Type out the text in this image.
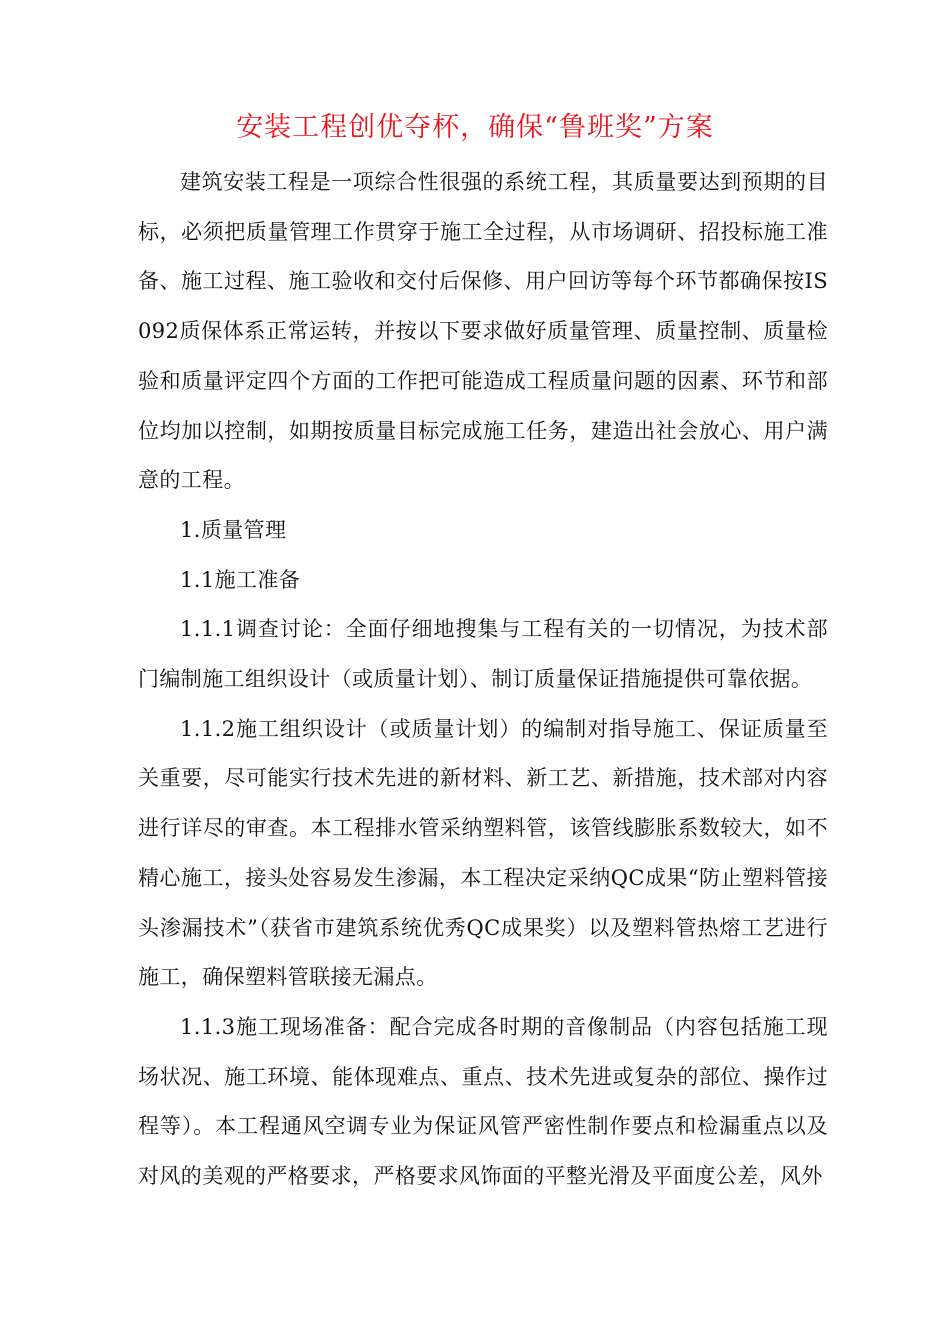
安装工程创优夺杯，确保“鲁班奖”方案

建筑安装工程是一项综合性很强的系统工程，其质量要达到预期的目标，必须把质量管理工作贯穿于施工全过程，从市场调研、招投标施工准备、施工过程、施工验收和交付后保修、用户回访等每个环节都确保按IS092质保体系正常运转，并按以下要求做好质量管理、质量控制、质量检验和质量评定四个方面的工作把可能造成工程质量问题的因素、环节和部位均加以控制，如期按质量目标完成施工任务，建造出社会放心、用户满意的工程。

1.质量管理

1.1施工准备

1.1.1调查讨论：全面仔细地搜集与工程有关的一切情况，为技术部门编制施工组织设计（或质量计划）、制订质量保证措施提供可靠依据。

1.1.2施工组织设计（或质量计划）的编制对指导施工、保证质量至关重要，尽可能实行技术先进的新材料、新工艺、新措施，技术部对内容进行详尽的审查。本工程排水管采纳塑料管，该管线膨胀系数较大，如不精心施工，接头处容易发生渗漏，本工程决定采纳QC成果“防止塑料管接头渗漏技术”（获省市建筑系统优秀QC成果奖）以及塑料管热熔工艺进行施工，确保塑料管联接无漏点。

1.1.3施工现场准备：配合完成各时期的音像制品（内容包括施工现场状况、施工环境、能体现难点、重点、技术先进或复杂的部位、操作过程等）。本工程通风空调专业为保证风管严密性制作要点和检漏重点以及对风的美观的严格要求，严格要求风饰面的平整光滑及平面度公差，风外
